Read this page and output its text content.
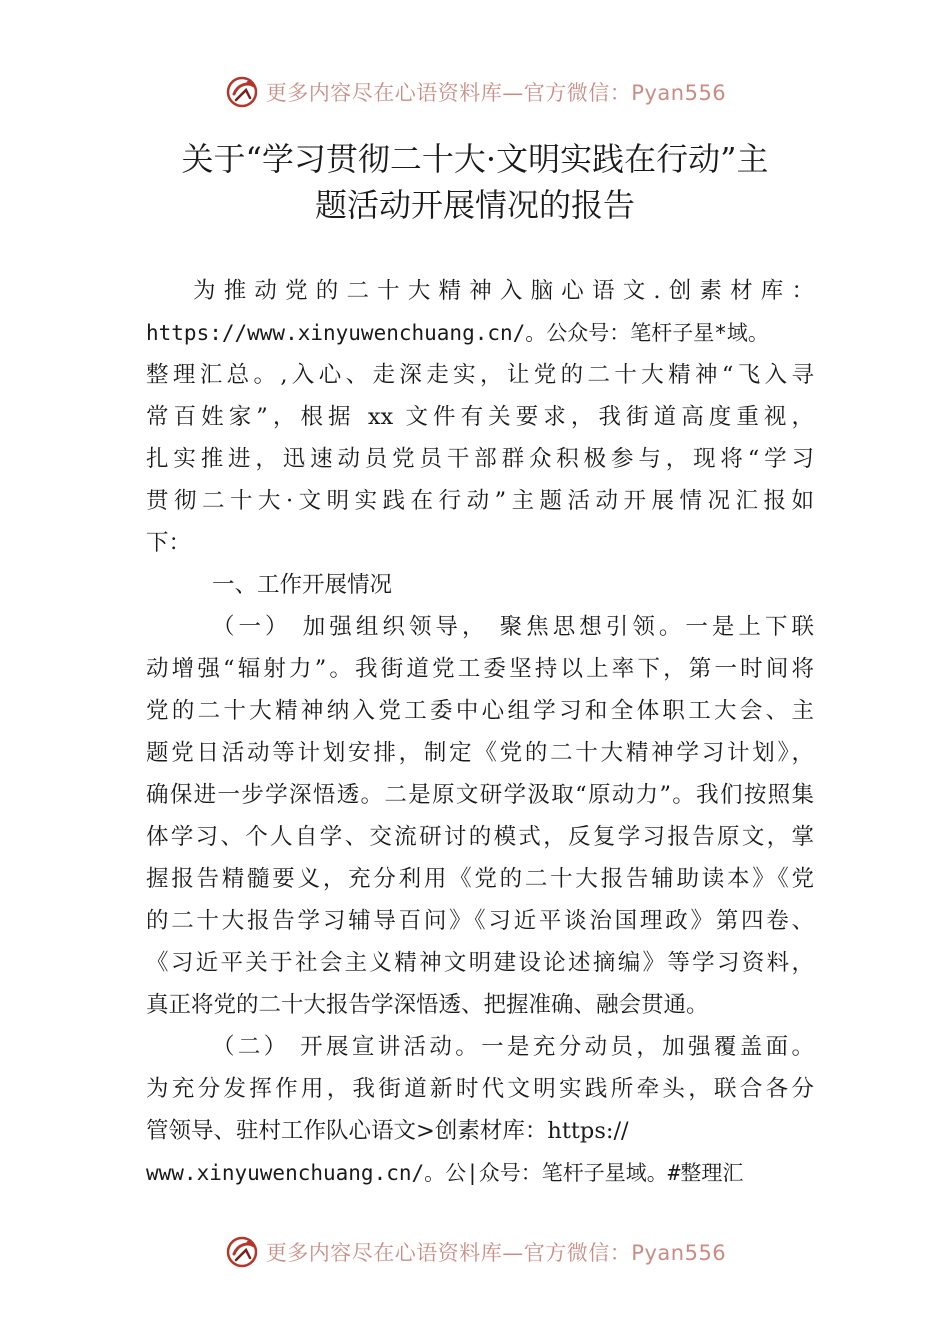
更多内容尽在心语资料库—官方微信：Pyan556
关于“学习贯彻二十大·文明实践在行动”主
题活动开展情况的报告
为推动党的二十大精神入脑心语文.创素材库：
https://www.xinyuwenchuang.cn/。公众号：笔杆子星*域。
整理汇总。,入心、走深走实，让党的二十大精神“飞入寻
常百姓家”，根据 xx 文件有关要求，我街道高度重视，
扎实推进，迅速动员党员干部群众积极参与，现将“学习
贯彻二十大·文明实践在行动”主题活动开展情况汇报如
下：
一、工作开展情况
（一） 加强组织领导， 聚焦思想引领。一是上下联
动增强“辐射力”。我街道党工委坚持以上率下，第一时间将
党的二十大精神纳入党工委中心组学习和全体职工大会、主
题党日活动等计划安排，制定《党的二十大精神学习计划》，
确保进一步学深悟透。二是原文研学汲取“原动力”。我们按照集
体学习、个人自学、交流研讨的模式，反复学习报告原文，掌
握报告精髓要义，充分利用《党的二十大报告辅助读本》《党
的二十大报告学习辅导百问》《习近平谈治国理政》第四卷、
《习近平关于社会主义精神文明建设论述摘编》等学习资料，
真正将党的二十大报告学深悟透、把握准确、融会贯通。
（二） 开展宣讲活动。一是充分动员，加强覆盖面。
为充分发挥作用，我街道新时代文明实践所牵头，联合各分
管领导、驻村工作队心语文>创素材库：https://
www.xinyuwenchuang.cn/。公|众号：笔杆子星域。#整理汇
更多内容尽在心语资料库—官方微信：Pyan556
